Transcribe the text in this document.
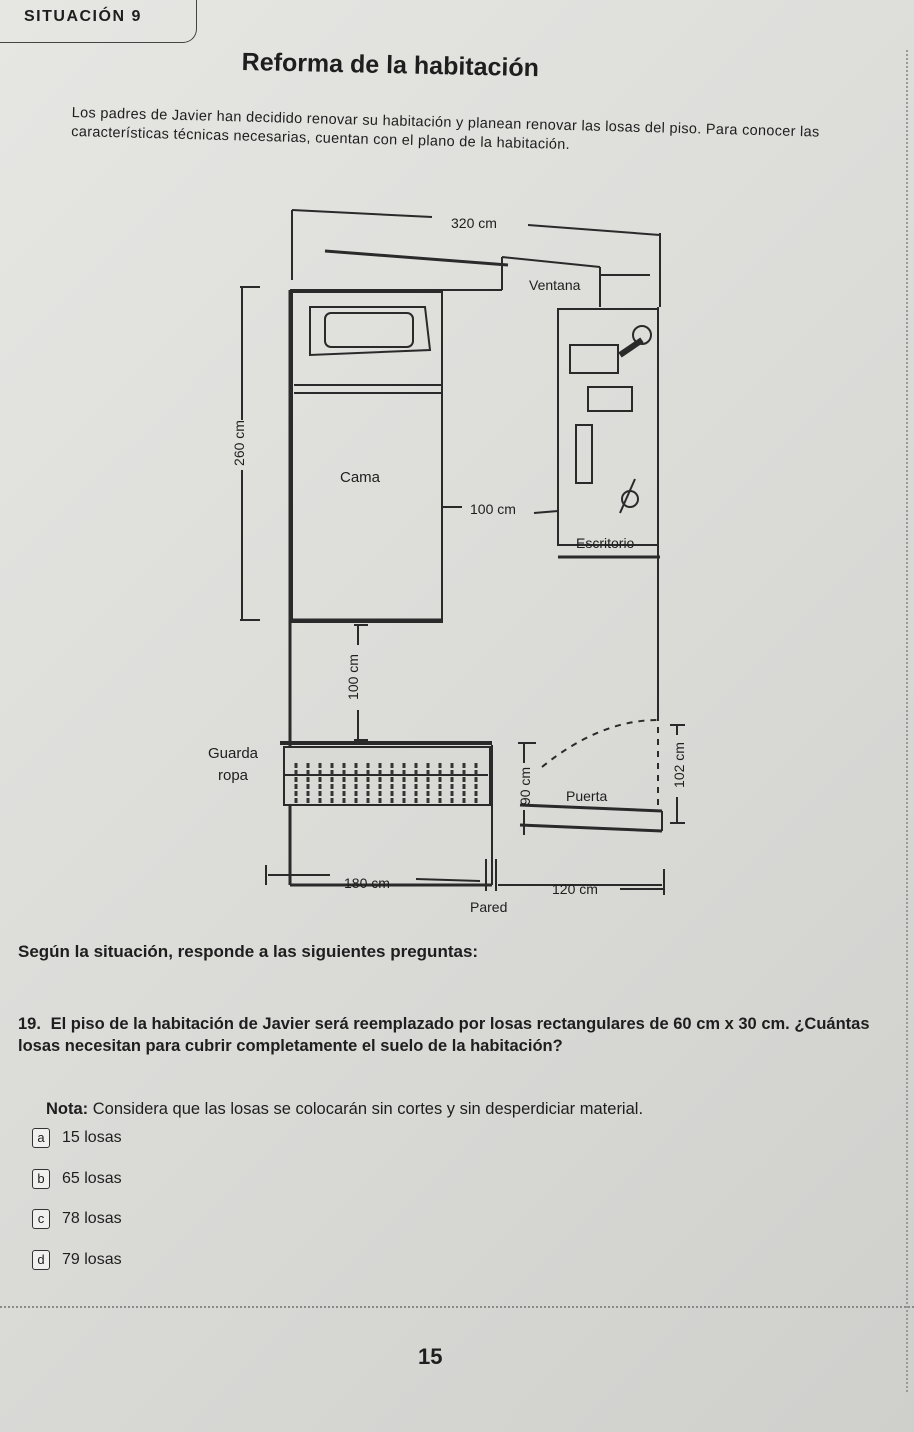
SITUACIÓN 9
Reforma de la habitación
Los padres de Javier han decidido renovar su habitación y planean renovar las losas del piso. Para conocer las características técnicas necesarias, cuentan con el plano de la habitación.
320 cm
Ventana
260 cm
Cama
100 cm
Escritorio
100 cm
Guarda ropa	90 cm Puerta
102 cm
180 cm	120 cm
Pared
Según la situación, responde a las siguientes preguntas:
19. El piso de la habitación de Javier será reemplazado por losas rectangulares de 60 cm x 30 cm. ¿Cuántas losas necesitan para cubrir completamente el suelo de la habitación?
Nota: Considera que las losas se colocarán sin cortes y sin desperdiciar material.
a	15 losas
b	65 losas
c	78 losas
d	79 losas
15
